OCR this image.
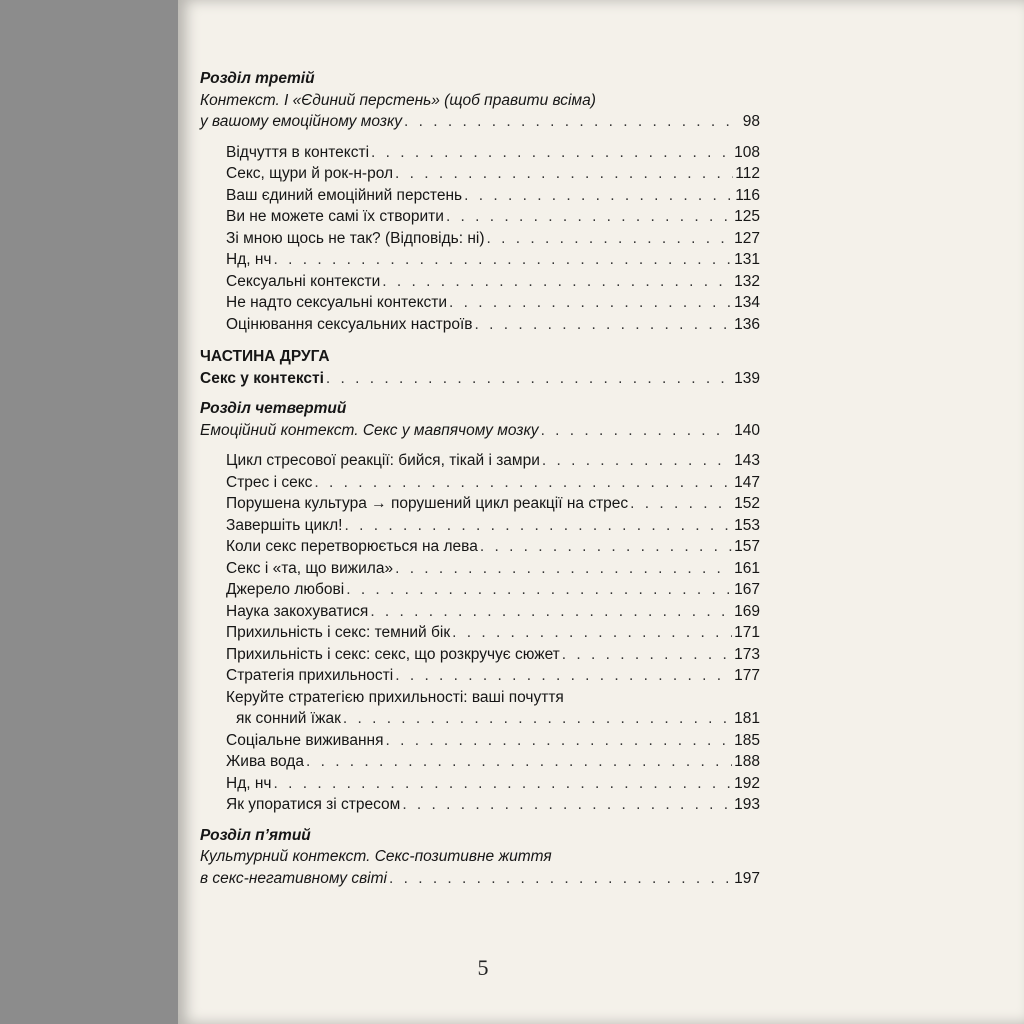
Розділ третій
Контекст. І «Єдиний перстень» (щоб правити всіма)
у вашому емоційному мозку . . .	98
Відчуття в контексті . . .	108
Секс, щури й рок-н-рол . . .	112
Ваш єдиний емоційний перстень . . .	116
Ви не можете самі їх створити . . .	125
Зі мною щось не так? (Відповідь: ні) . . .	127
Нд, нч . . .	131
Сексуальні контексти . . .	132
Не надто сексуальні контексти . . .	134
Оцінювання сексуальних настроїв . . .	136
ЧАСТИНА ДРУГА
Секс у контексті . . .	139
Розділ четвертий
Емоційний контекст. Секс у мавпячому мозку . . .	140
Цикл стресової реакції: бийся, тікай і замри . . .	143
Стрес і секс . . .	147
Порушена культура → порушений цикл реакції на стрес . . .	152
Завершіть цикл! . . .	153
Коли секс перетворюється на лева . . .	157
Секс і «та, що вижила» . . .	161
Джерело любові . . .	167
Наука закохуватися . . .	169
Прихильність і секс: темний бік . . .	171
Прихильність і секс: секс, що розкручує сюжет . . .	173
Стратегія прихильності . . .	177
Керуйте стратегією прихильності: ваші почуття
як сонний їжак . . .	181
Соціальне виживання . . .	185
Жива вода . . .	188
Нд, нч . . .	192
Як упоратися зі стресом . . .	193
Розділ п’ятий
Культурний контекст. Секс-позитивне життя
в секс-негативному світі . . .	197
5
